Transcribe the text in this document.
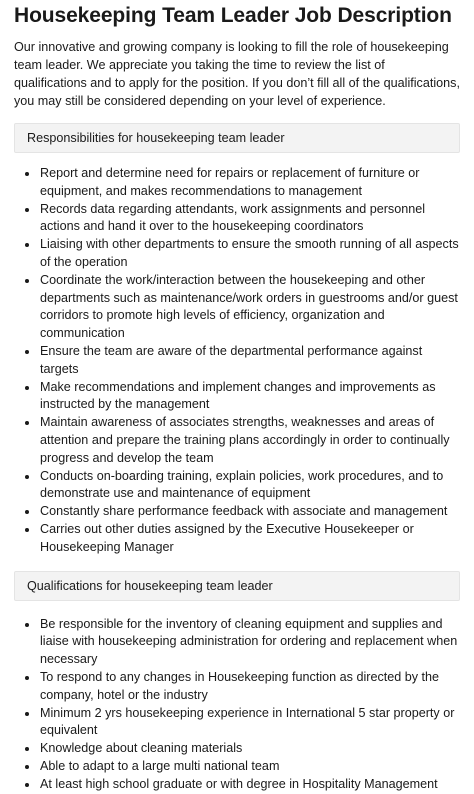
Housekeeping Team Leader Job Description

Our innovative and growing company is looking to fill the role of housekeeping team leader. We appreciate you taking the time to review the list of qualifications and to apply for the position. If you don’t fill all of the qualifications, you may still be considered depending on your level of experience.

Responsibilities for housekeeping team leader
• Report and determine need for repairs or replacement of furniture or equipment, and makes recommendations to management
• Records data regarding attendants, work assignments and personnel actions and hand it over to the housekeeping coordinators
• Liaising with other departments to ensure the smooth running of all aspects of the operation
• Coordinate the work/interaction between the housekeeping and other departments such as maintenance/work orders in guestrooms and/or guest corridors to promote high levels of efficiency, organization and communication
• Ensure the team are aware of the departmental performance against targets
• Make recommendations and implement changes and improvements as instructed by the management
• Maintain awareness of associates strengths, weaknesses and areas of attention and prepare the training plans accordingly in order to continually progress and develop the team
• Conducts on-boarding training, explain policies, work procedures, and to demonstrate use and maintenance of equipment
• Constantly share performance feedback with associate and management
• Carries out other duties assigned by the Executive Housekeeper or Housekeeping Manager
Qualifications for housekeeping team leader
• Be responsible for the inventory of cleaning equipment and supplies and liaise with housekeeping administration for ordering and replacement when necessary
• To respond to any changes in Housekeeping function as directed by the company, hotel or the industry
• Minimum 2 yrs housekeeping experience in International 5 star property or equivalent
• Knowledge about cleaning materials
• Able to adapt to a large multi national team
• At least high school graduate or with degree in Hospitality Management
